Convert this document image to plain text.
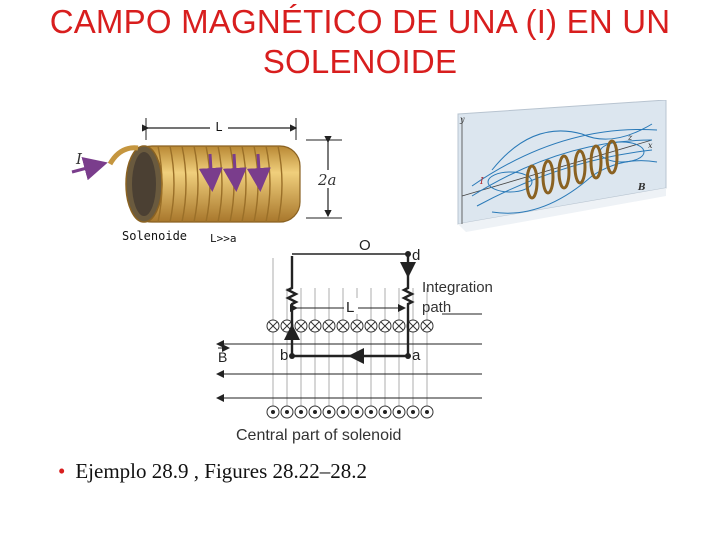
CAMPO MAGNÉTICO DE UNA (I) EN UN
SOLENOIDE
L
I
2a
Solenoide L>>a
y
x
z
I
B
O
d
Integration
path
L
B	b	a
Central part of solenoid
• Ejemplo 28.9 , Figures 28.22–28.2
